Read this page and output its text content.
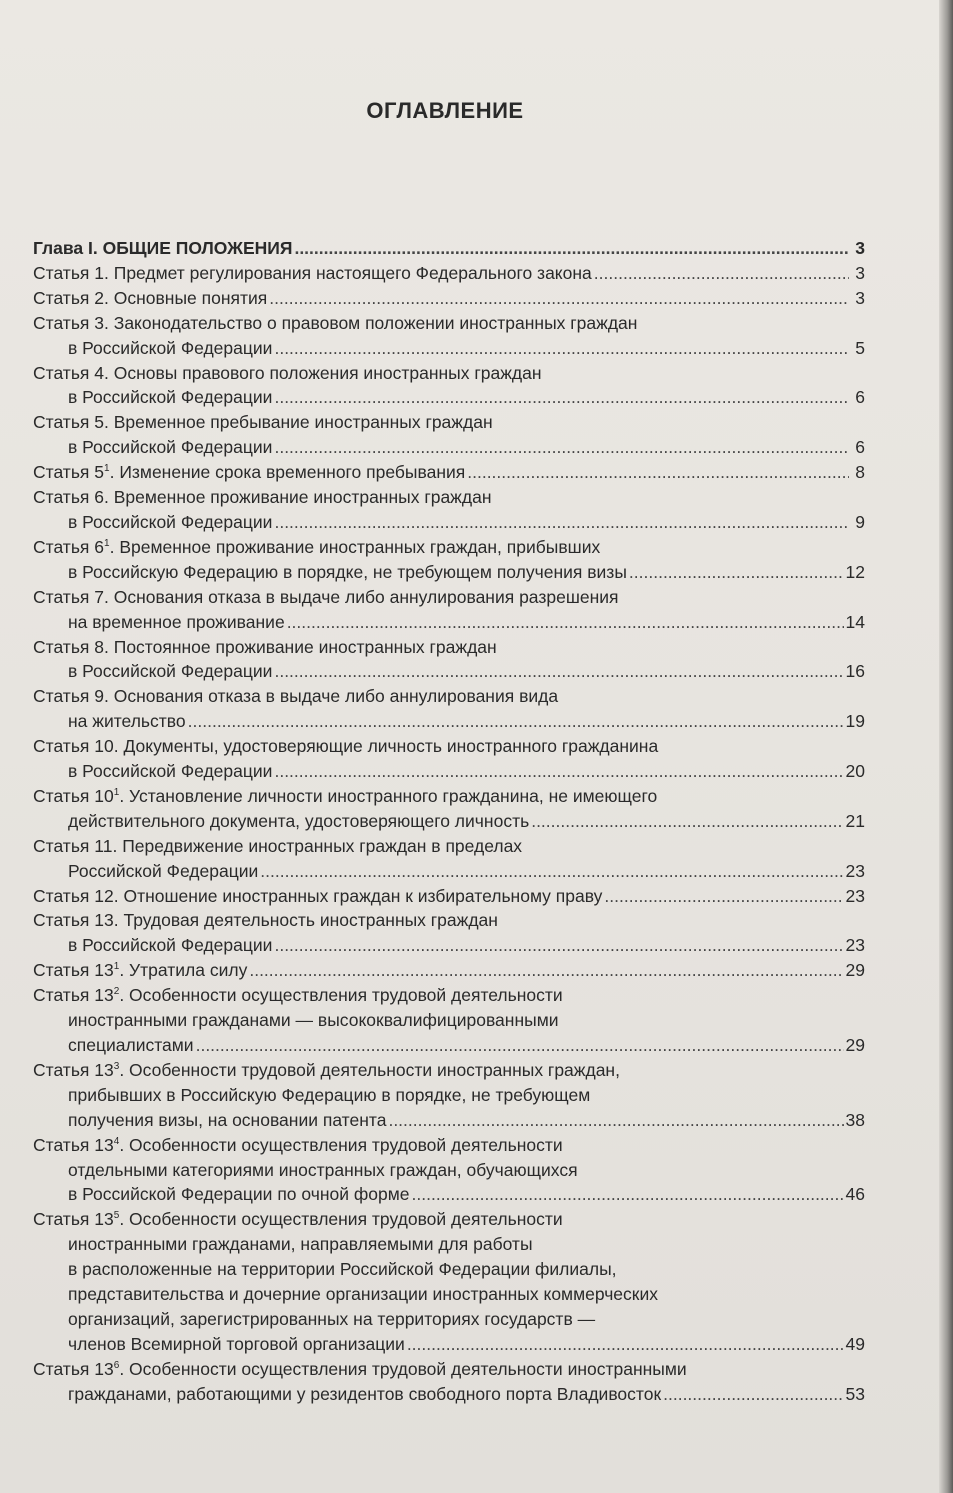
ОГЛАВЛЕНИЕ
Глава I. ОБЩИЕ ПОЛОЖЕНИЯ .....	3
Статья 1. Предмет регулирования настоящего Федерального закона .....	3
Статья 2. Основные понятия .....	3
Статья 3. Законодательство о правовом положении иностранных граждан
в Российской Федерации .....	5
Статья 4. Основы правового положения иностранных граждан
в Российской Федерации .....	6
Статья 5. Временное пребывание иностранных граждан
в Российской Федерации .....	6
Статья $5^1$. Изменение срока временного пребывания .....	8
Статья 6. Временное проживание иностранных граждан
в Российской Федерации .....	9
Статья $6^1$. Временное проживание иностранных граждан, прибывших
в Российскую Федерацию в порядке, не требующем получения визы .....	12
Статья 7. Основания отказа в выдаче либо аннулирования разрешения
на временное проживание .....	14
Статья 8. Постоянное проживание иностранных граждан
в Российской Федерации .....	16
Статья 9. Основания отказа в выдаче либо аннулирования вида
на жительство .....	19
Статья 10. Документы, удостоверяющие личность иностранного гражданина
в Российской Федерации .....	20
Статья $10^1$. Установление личности иностранного гражданина, не имеющего
действительного документа, удостоверяющего личность .....	21
Статья 11. Передвижение иностранных граждан в пределах
Российской Федерации .....	23
Статья 12. Отношение иностранных граждан к избирательному праву .....	23
Статья 13. Трудовая деятельность иностранных граждан
в Российской Федерации .....	23
Статья $13^1$. Утратила силу .....	29
Статья $13^2$. Особенности осуществления трудовой деятельности
иностранными гражданами — высококвалифицированными
специалистами .....	29
Статья $13^3$. Особенности трудовой деятельности иностранных граждан,
прибывших в Российскую Федерацию в порядке, не требующем
получения визы, на основании патента .....	38
Статья $13^4$. Особенности осуществления трудовой деятельности
отдельными категориями иностранных граждан, обучающихся
в Российской Федерации по очной форме .....	46
Статья $13^5$. Особенности осуществления трудовой деятельности
иностранными гражданами, направляемыми для работы
в расположенные на территории Российской Федерации филиалы,
представительства и дочерние организации иностранных коммерческих
организаций, зарегистрированных на территориях государств —
членов Всемирной торговой организации .....	49
Статья $13^6$. Особенности осуществления трудовой деятельности иностранными
гражданами, работающими у резидентов свободного порта Владивосток .....	53
